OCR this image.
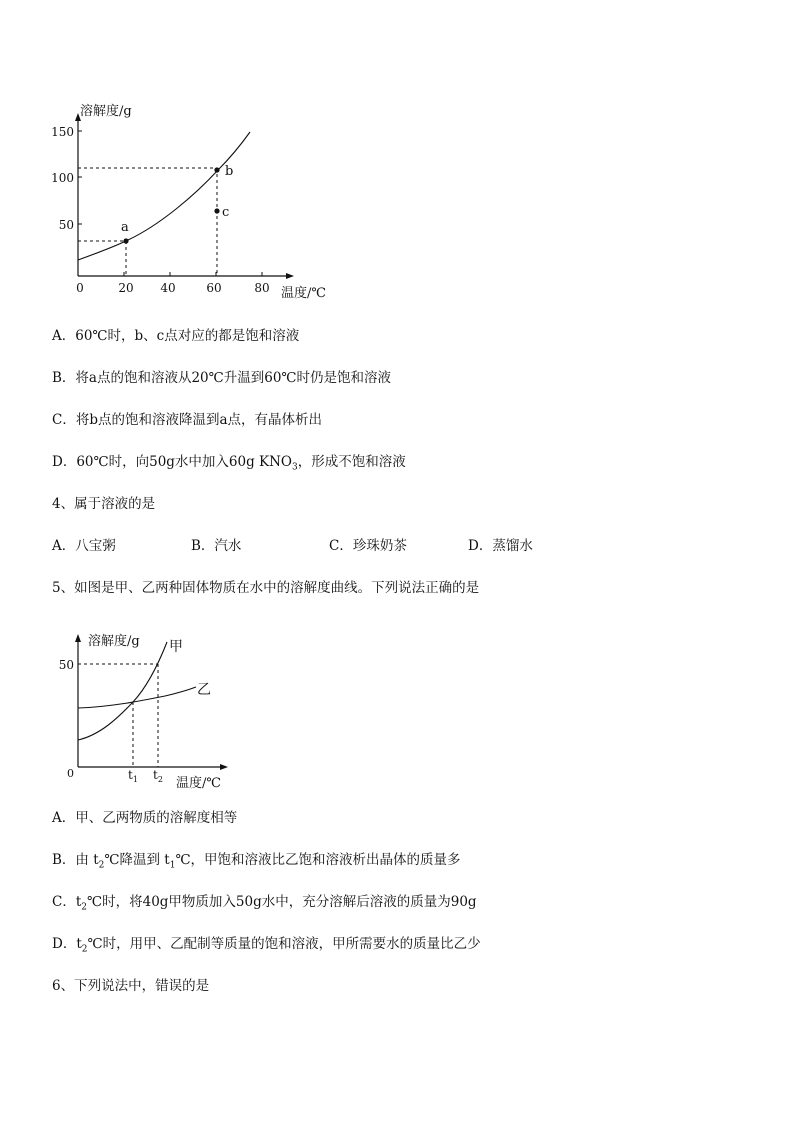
150
100
50
0	20 40	60	80
溶解度/g
温度/℃
a
b
c
溶解度/g
温度/℃
50
0	$t_1$ $t_2$
甲
乙
A．60℃时，b、c点对应的都是饱和溶液
B．将a点的饱和溶液从20℃升温到60℃时仍是饱和溶液
C．将b点的饱和溶液降温到a点，有晶体析出
D．60℃时，向50g水中加入60g $KNO_3$，形成不饱和溶液
4、属于溶液的是
A．八宝粥	B．汽水	C．珍珠奶茶	D．蒸馏水
5、如图是甲、乙两种固体物质在水中的溶解度曲线。下列说法正确的是
A．甲、乙两物质的溶解度相等
B．由 $t_2℃$降温到 $t_1℃$，甲饱和溶液比乙饱和溶液析出晶体的质量多
C．$t_2℃$时，将40g甲物质加入50g水中，充分溶解后溶液的质量为90g
D．$t_2℃$时，用甲、乙配制等质量的饱和溶液，甲所需要水的质量比乙少
6、下列说法中，错误的是
